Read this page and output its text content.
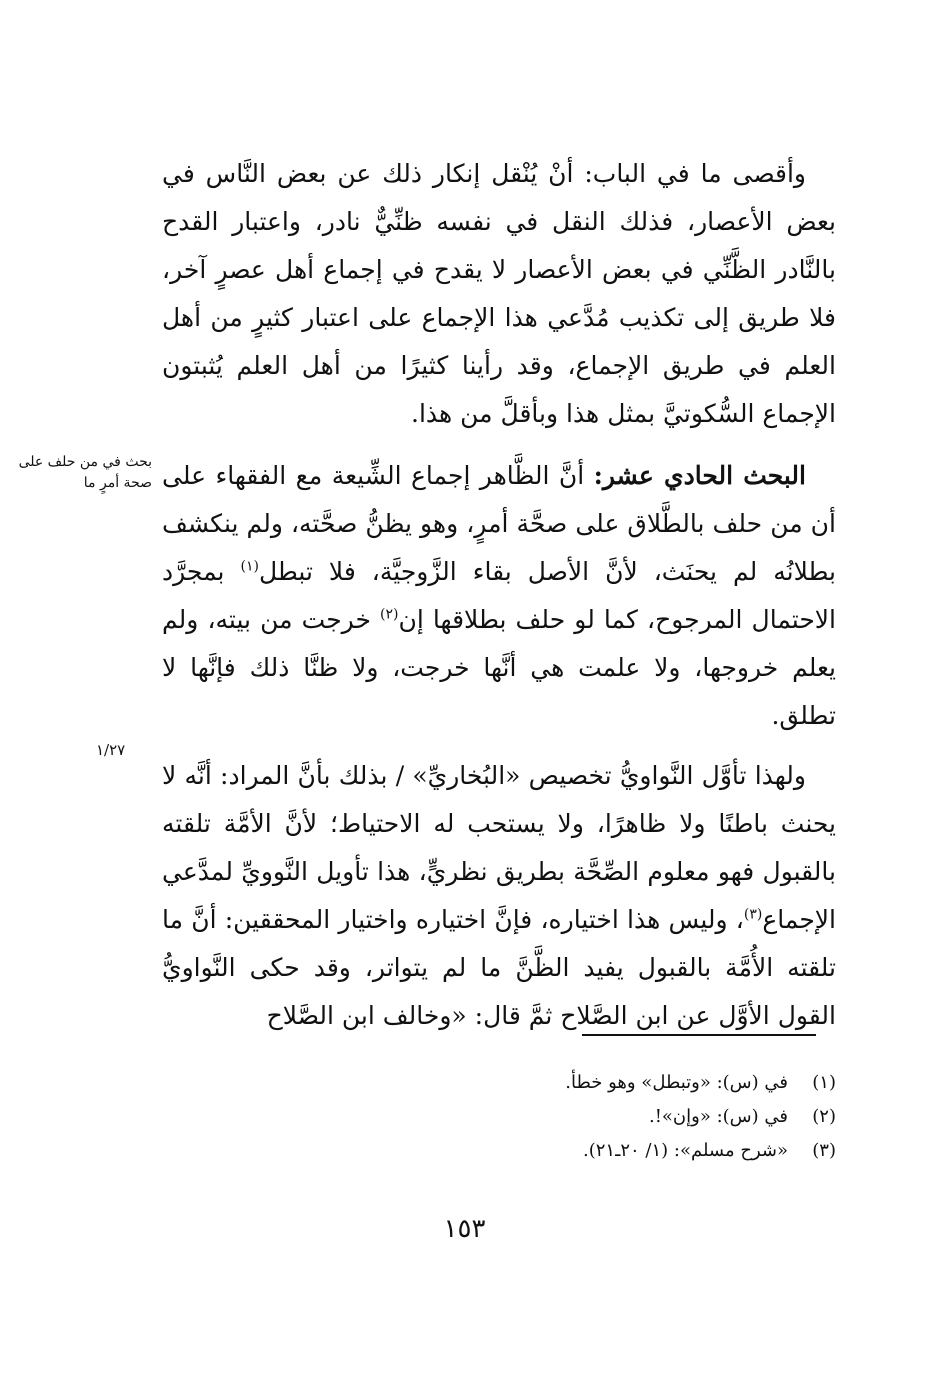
وأقصى ما في الباب: أنْ يُنْقل إنكار ذلك عن بعض النَّاس في بعض الأعصار، فذلك النقل في نفسه ظنِّيٌّ نادر، واعتبار القدح بالنَّادر الظَّنِّي في بعض الأعصار لا يقدح في إجماع أهل عصرٍ آخر، فلا طريق إلى تكذيب مُدَّعي هذا الإجماع على اعتبار كثيرٍ من أهل العلم في طريق الإجماع، وقد رأينا كثيرًا من أهل العلم يُثبتون الإجماع السُّكوتيَّ بمثل هذا وبأقلَّ من هذا.

البحث الحادي عشر: أنَّ الظَّاهر إجماع الشِّيعة مع الفقهاء على أن من حلف بالطَّلاق على صحَّة أمرٍ، وهو يظنُّ صحَّته، ولم ينكشف بطلانُه لم يحنَث، لأنَّ الأصل بقاء الزَّوجيَّة، فلا تبطل$^{(١)}$ بمجرَّد الاحتمال المرجوح، كما لو حلف بطلاقها إن$^{(٢)}$ خرجت من بيته، ولم يعلم خروجها، ولا علمت هي أنَّها خرجت، ولا ظنَّا ذلك فإنَّها لا تطلق.

ولهذا تأوَّل النَّواويُّ تخصيص «البُخاريِّ» / بذلك بأنَّ المراد: أنَّه لا يحنث باطنًا ولا ظاهرًا، ولا يستحب له الاحتياط؛ لأنَّ الأمَّة تلقته بالقبول فهو معلوم الصِّحَّة بطريق نظريٍّ، هذا تأويل النَّوويِّ لمدَّعي الإجماع$^{(٣)}$، وليس هذا اختياره، فإنَّ اختياره واختيار المحققين: أنَّ ما تلقته الأُمَّة بالقبول يفيد الظَّنَّ ما لم يتواتر، وقد حكى النَّواويُّ القول الأوَّل عن ابن الصَّلاح ثمَّ قال: «وخالف ابن الصَّلاح

بحث في من حلف على صحة أمرٍ ما
١/٢٧
(١)
في (س): «وتبطل» وهو خطأ.
(٢)
في (س): «وإن»!.
(٣)
«شرح مسلم»: (١/ ٢٠ـ٢١).
١٥٣
